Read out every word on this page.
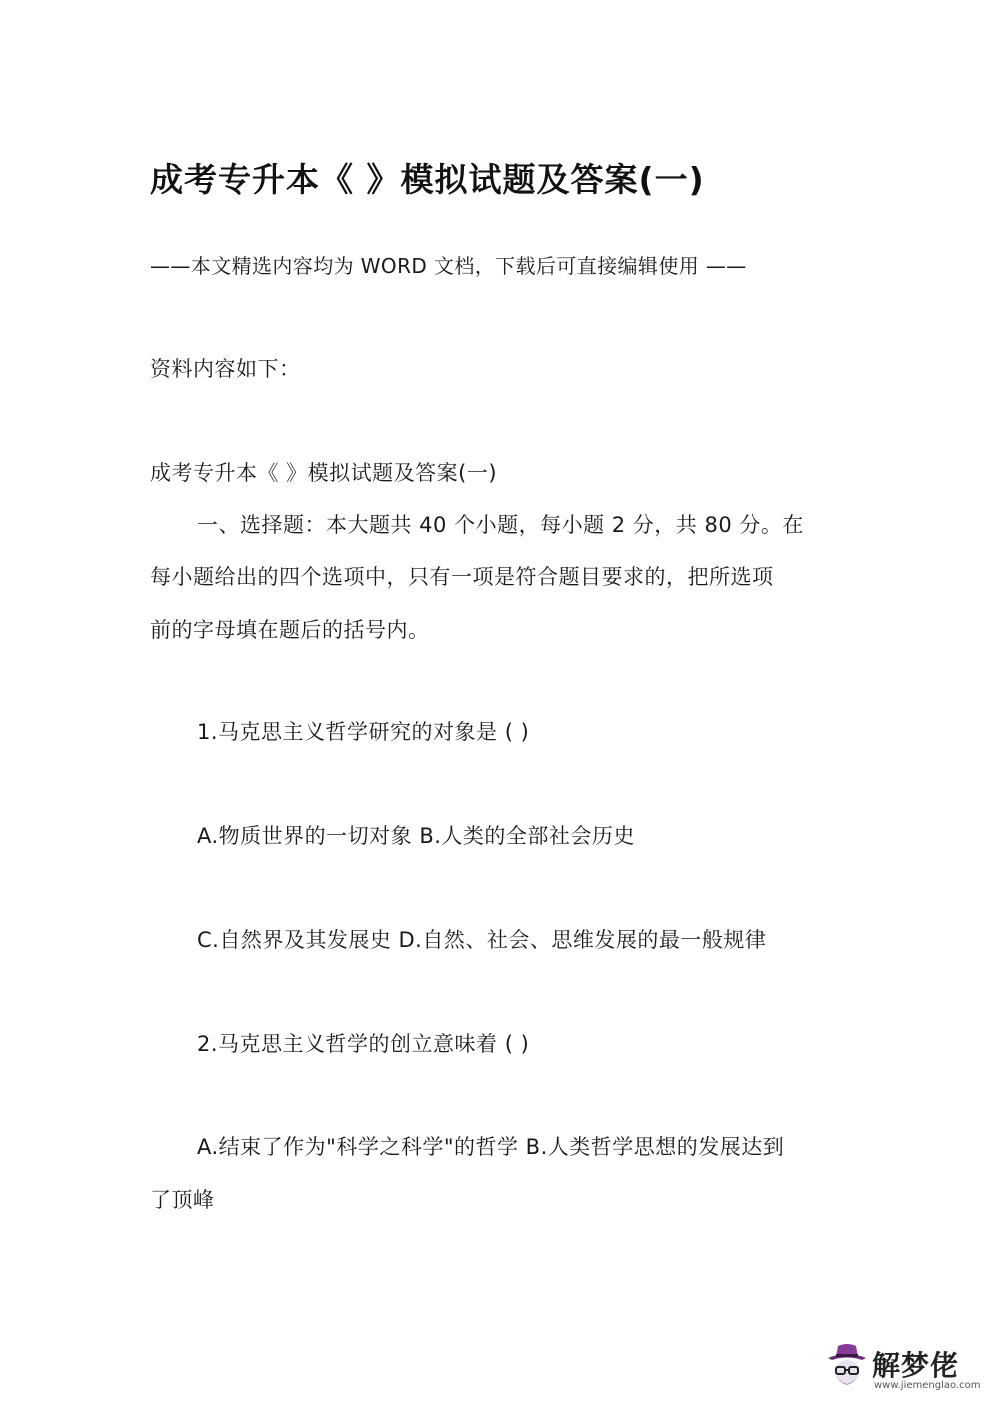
成考专升本《 》模拟试题及答案(一)
——本文精选内容均为 WORD 文档，下载后可直接编辑使用 ——
资料内容如下：
成考专升本《 》模拟试题及答案(一)
一、选择题：本大题共 40 个小题，每小题 2 分，共 80 分。在
每小题给出的四个选项中，只有一项是符合题目要求的，把所选项
前的字母填在题后的括号内。
1.马克思主义哲学研究的对象是 ( )
A.物质世界的一切对象 B.人类的全部社会历史
C.自然界及其发展史 D.自然、社会、思维发展的最一般规律
2.马克思主义哲学的创立意味着 ( )
A.结束了作为"科学之科学"的哲学 B.人类哲学思想的发展达到
了顶峰
解梦佬
www.jiemenglao.com
